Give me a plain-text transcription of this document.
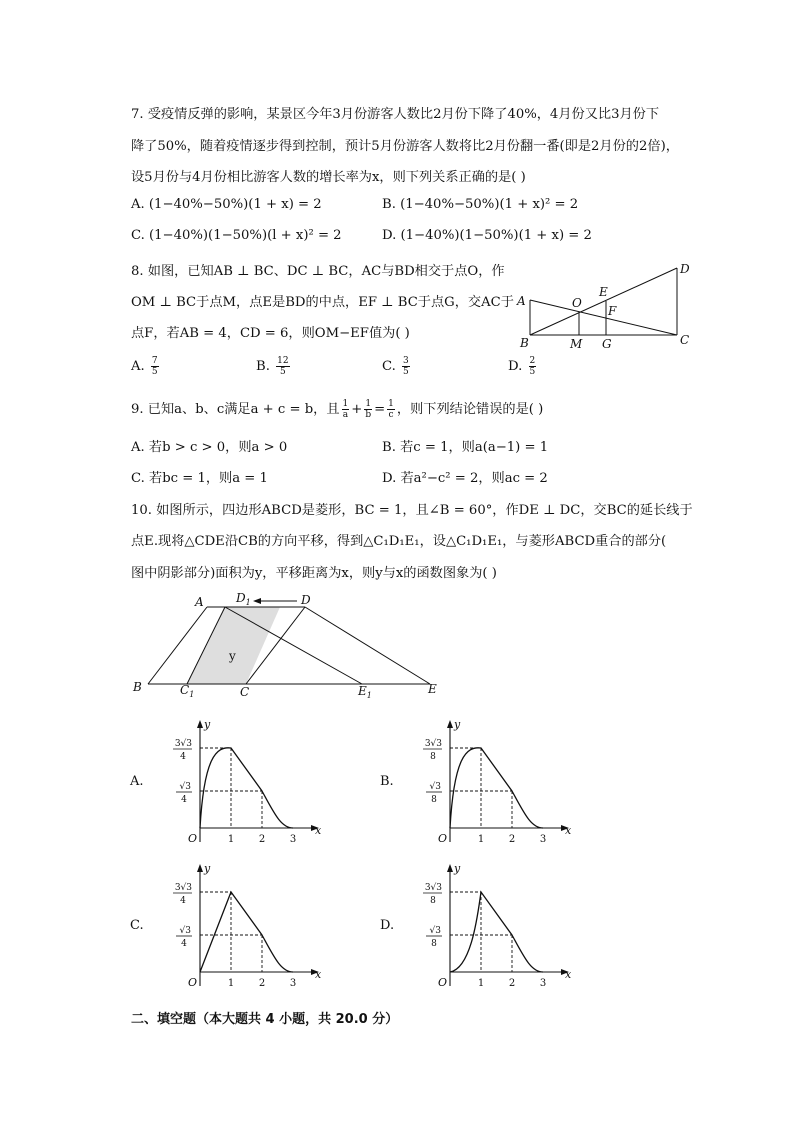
7. 受疫情反弹的影响，某景区今年3月份游客人数比2月份下降了40%，4月份又比3月份下
降了50%，随着疫情逐步得到控制，预计5月份游客人数将比2月份翻一番(即是2月份的2倍)，
设5月份与4月份相比游客人数的增长率为x，则下列关系正确的是( )
A. (1−40%−50%)(1 + x) = 2	B. (1−40%−50%)(1 + x)² = 2
C. (1−40%)(1−50%)(l + x)² = 2	D. (1−40%)(1−50%)(1 + x) = 2
8. 如图，已知AB ⊥ BC、DC ⊥ BC，AC与BD相交于点O，作
OM ⊥ BC于点M，点E是BD的中点，EF ⊥ BC于点G，交AC于
点F，若AB = 4，CD = 6，则OM−EF值为( )
A. $\frac{7}{5}$	B. $\frac{12}{5}$	C. $\frac{3}{5}$	D. $\frac{2}{5}$
A
B	C
D
O
E
F
M G
9. 已知a、b、c满足a + c = b，且 $\frac{1}{a} + \frac{1}{b} = \frac{1}{c}$ ，则下列结论错误的是( )
A. 若b > c > 0，则a > 0	B. 若c = 1，则a(a−1) = 1
C. 若bc = 1，则a = 1	D. 若a²−c² = 2，则ac = 2
10. 如图所示，四边形ABCD是菱形，BC = 1，且∠B = 60°，作DE ⊥ DC，交BC的延长线于
点E.现将△CDE沿CB的方向平移，得到△C₁D₁E₁，设△C₁D₁E₁，与菱形ABCD重合的部分(
图中阴影部分)面积为y，平移距离为x，则y与x的函数图象为( )
A	$D_1$	D
y
B	$C_1$	C	$E_1$	E
A.
y
x
O	1 2 3
3√3
4
√3
4
B.
y
x
O	1 2 3
3√3
8
√3
8
C.
y
x
O	1 2 3
3√3
4
√3
4
D.
y
x
O	1 2 3
3√3
8
√3
8
二、填空题（本大题共 4 小题，共 20.0 分）
